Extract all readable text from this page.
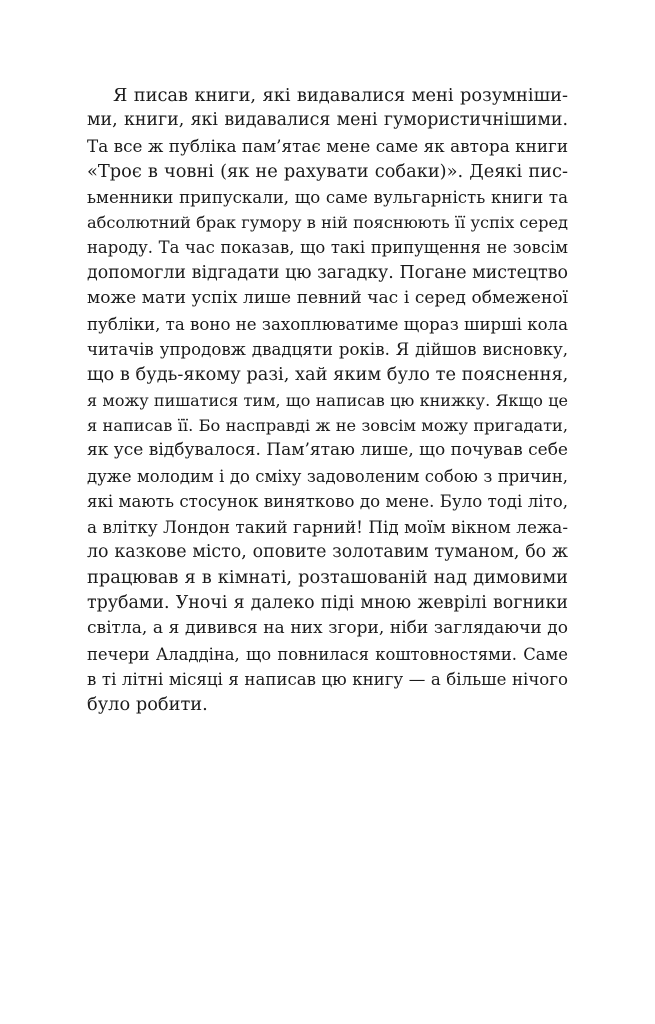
Я писав книги, які видавалися мені розумніши-
ми, книги, які видавалися мені гумористичнішими.
Та все ж публіка пам’ятає мене саме як автора книги
«Троє в човні (як не рахувати собаки)». Деякі пис-
ьменники припускали, що саме вульгарність книги та
абсолютний брак гумору в ній пояснюють її успіх серед
народу. Та час показав, що такі припущення не зовсім
допомогли відгадати цю загадку. Погане мистецтво
може мати успіх лише певний час і серед обмеженої
публіки, та воно не захоплюватиме щораз ширші кола
читачів упродовж двадцяти років. Я дійшов висновку,
що в будь-якому разі, хай яким було те пояснення,
я можу пишатися тим, що написав цю книжку. Якщо це
я написав її. Бо насправді ж не зовсім можу пригадати,
як усе відбувалося. Пам’ятаю лише, що почував себе
дуже молодим і до сміху задоволеним собою з причин,
які мають стосунок винятково до мене. Було тоді літо,
а влітку Лондон такий гарний! Під моїм вікном лежа-
ло казкове місто, оповите золотавим туманом, бо ж
працював я в кімнаті, розташованій над димовими
трубами. Уночі я далеко піді мною жеврілі вогники
світла, а я дивився на них згори, ніби заглядаючи до
печери Аладдіна, що повнилася коштовностями. Саме
в ті літні місяці я написав цю книгу — а більше нічого
було робити.
